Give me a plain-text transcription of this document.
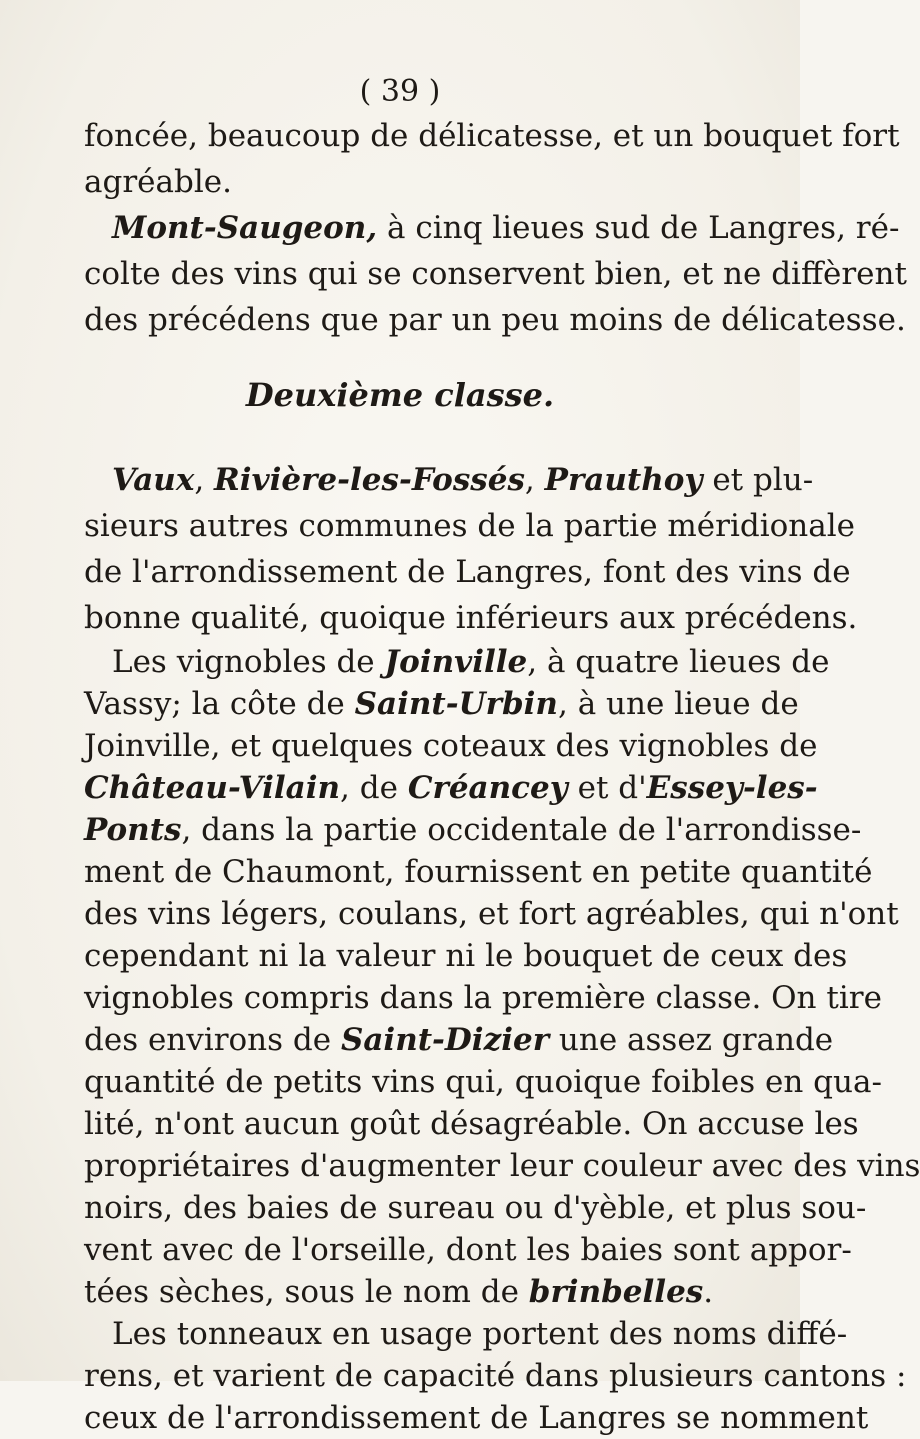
( 39 )
foncée, beaucoup de délicatesse, et un bouquet fort
agréable.
Mont-Saugeon, à cinq lieues sud de Langres, ré-
colte des vins qui se conservent bien, et ne diffèrent
des précédens que par un peu moins de délicatesse.
Deuxième classe.
Vaux, Rivière-les-Fossés, Prauthoy et plu-
sieurs autres communes de la partie méridionale
de l'arrondissement de Langres, font des vins de
bonne qualité, quoique inférieurs aux précédens.
Les vignobles de Joinville, à quatre lieues de
Vassy; la côte de Saint-Urbin, à une lieue de
Joinville, et quelques coteaux des vignobles de
Château-Vilain, de Créancey et d'Essey-les-
Ponts, dans la partie occidentale de l'arrondisse-
ment de Chaumont, fournissent en petite quantité
des vins légers, coulans, et fort agréables, qui n'ont
cependant ni la valeur ni le bouquet de ceux des
vignobles compris dans la première classe. On tire
des environs de Saint-Dizier une assez grande
quantité de petits vins qui, quoique foibles en qua-
lité, n'ont aucun goût désagréable. On accuse les
propriétaires d'augmenter leur couleur avec des vins
noirs, des baies de sureau ou d'yèble, et plus sou-
vent avec de l'orseille, dont les baies sont appor-
tées sèches, sous le nom de brinbelles.
Les tonneaux en usage portent des noms diffé-
rens, et varient de capacité dans plusieurs cantons :
ceux de l'arrondissement de Langres se nomment
